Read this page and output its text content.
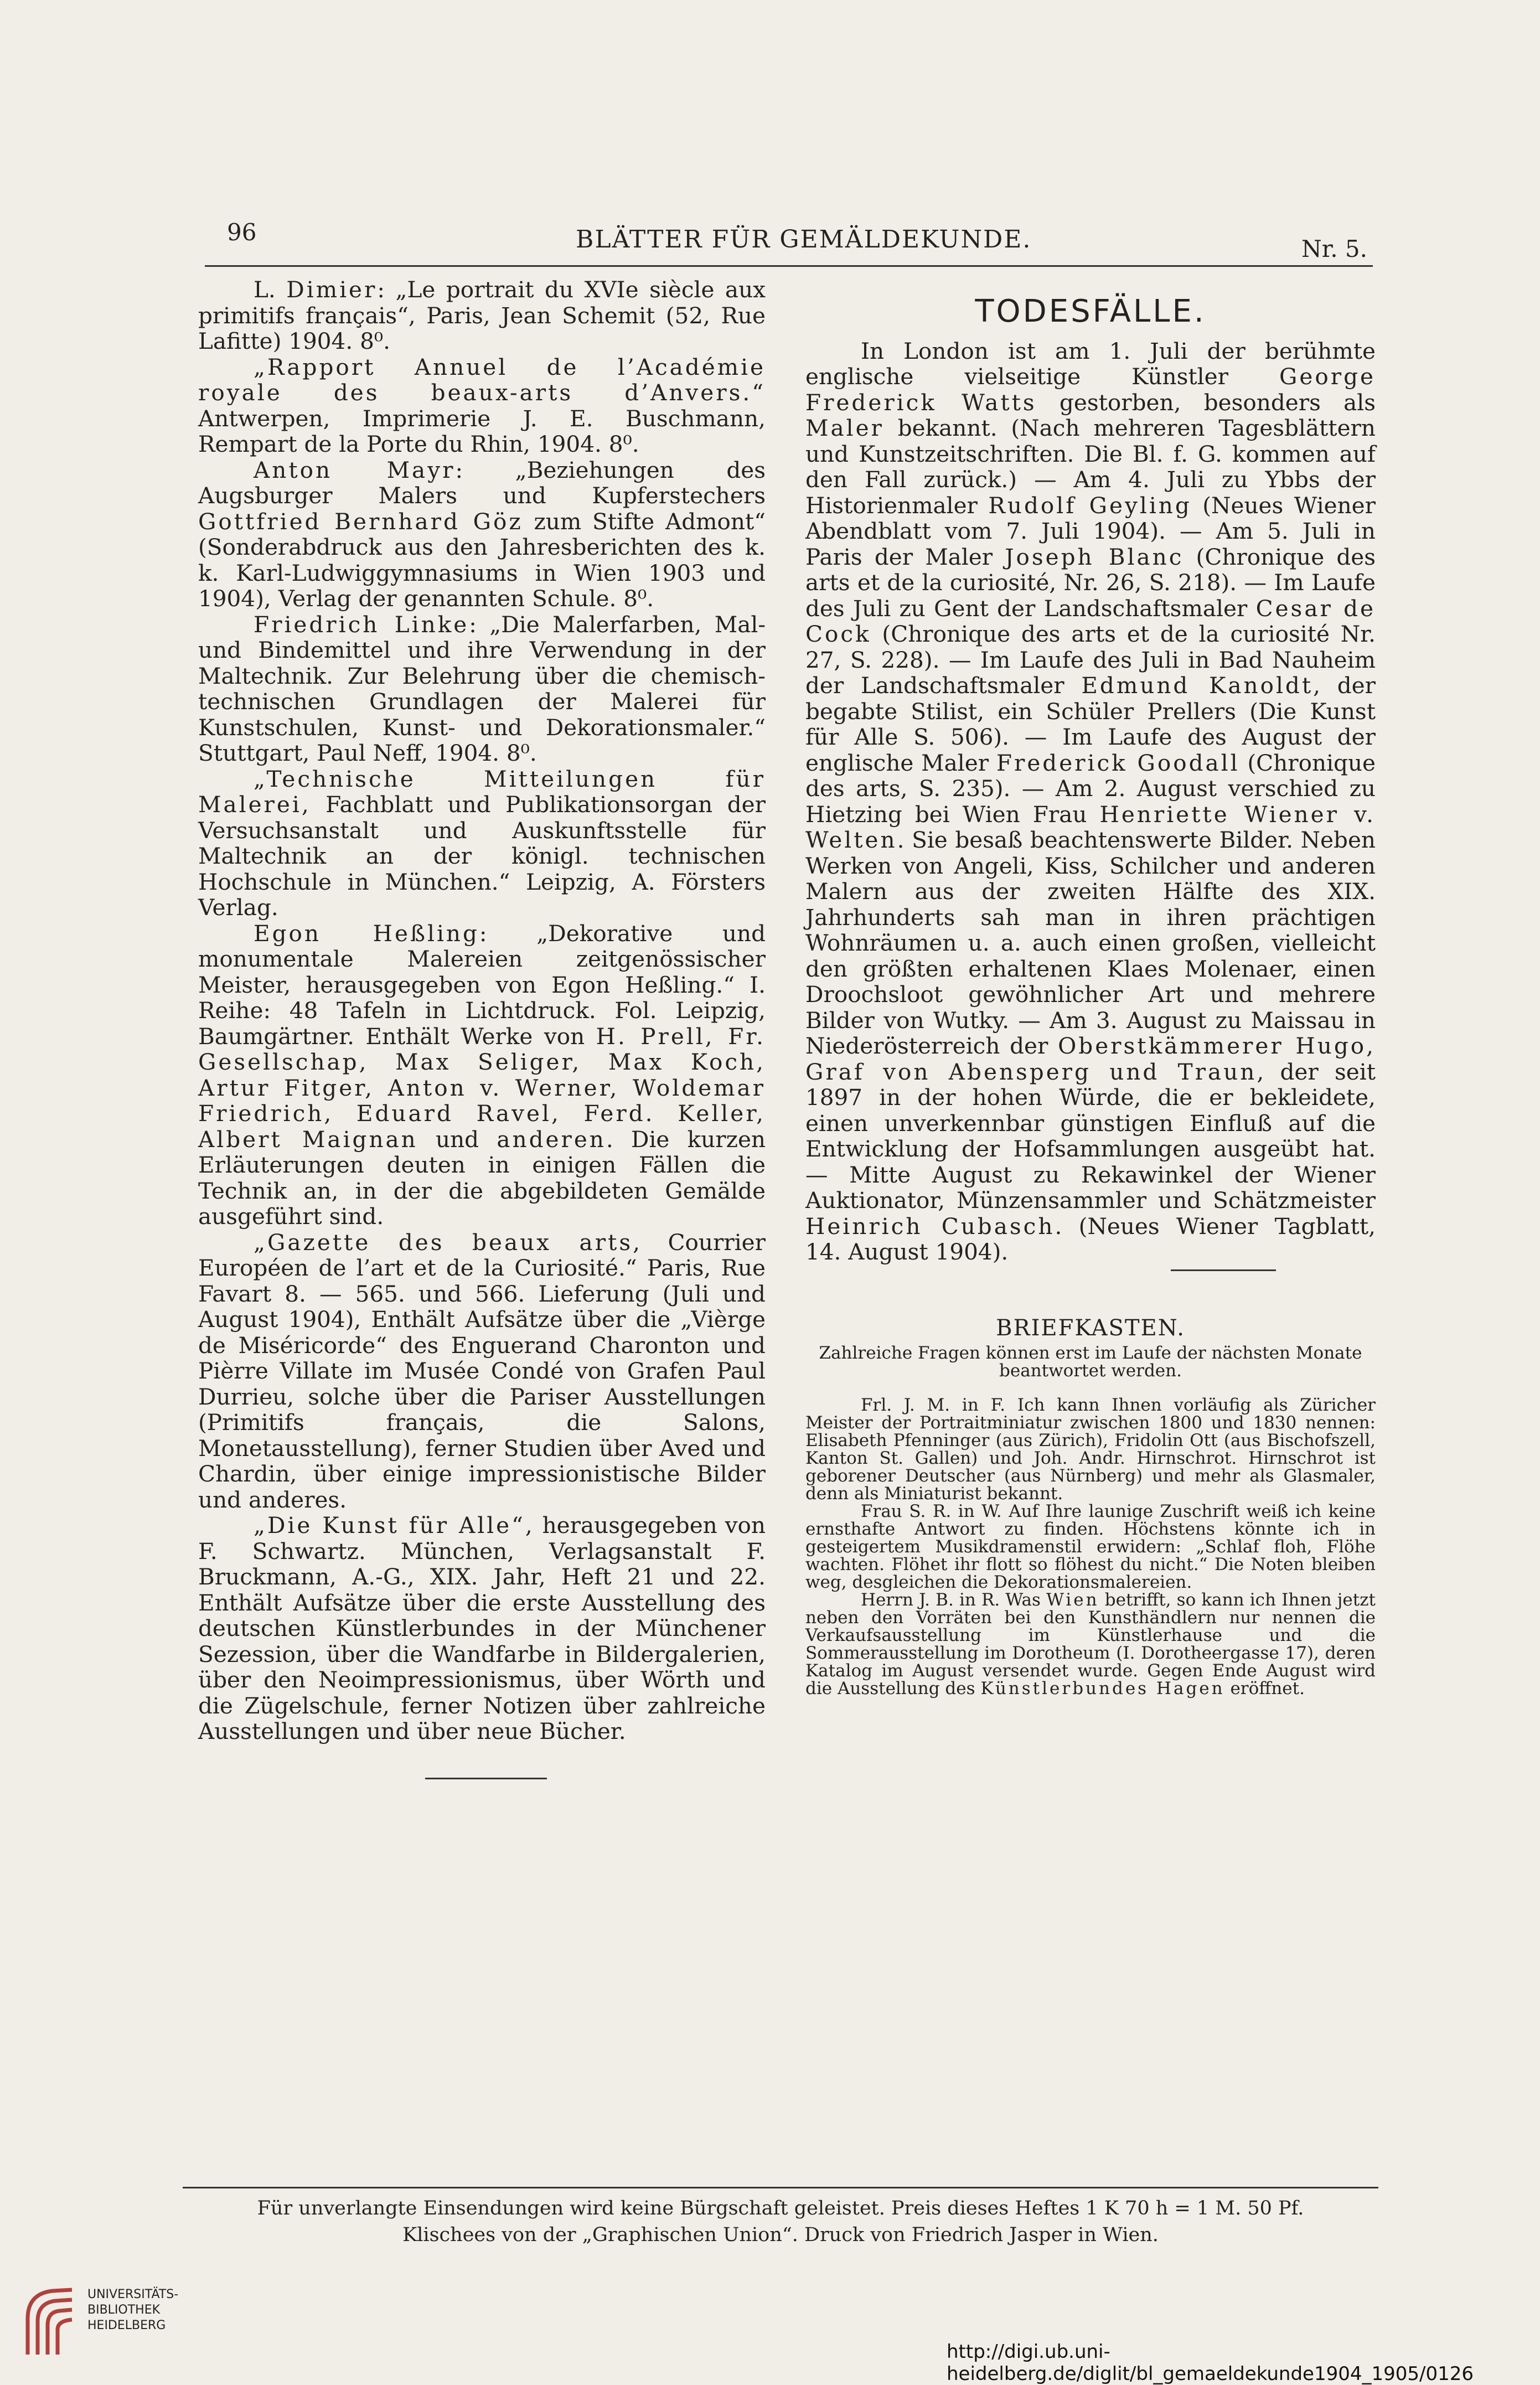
96	BLÄTTER FÜR GEMÄLDEKUNDE.	Nr. 5.

L. Dimier: „Le portrait du XVIe siècle aux primitifs français“, Paris, Jean Schemit (52, Rue Lafitte) 1904. 8⁰.

„Rapport Annuel de l’Académie royale des beaux-arts d’Anvers.“ Antwerpen, Imprimerie J. E. Buschmann, Rempart de la Porte du Rhin, 1904. 8⁰.

Anton Mayr: „Beziehungen des Augsburger Malers und Kupferstechers Gottfried Bernhard Göz zum Stifte Admont“ (Sonderabdruck aus den Jahresberichten des k. k. Karl-Ludwiggymnasiums in Wien 1903 und 1904), Verlag der genannten Schule. 8⁰.

Friedrich Linke: „Die Malerfarben, Mal- und Bindemittel und ihre Verwendung in der Maltechnik. Zur Belehrung über die chemisch-technischen Grundlagen der Malerei für Kunstschulen, Kunst- und Dekorationsmaler.“ Stuttgart, Paul Neff, 1904. 8⁰.

„Technische Mitteilungen für Malerei, Fachblatt und Publikationsorgan der Versuchsanstalt und Auskunftsstelle für Maltechnik an der königl. technischen Hochschule in München.“ Leipzig, A. Försters Verlag.

Egon Heßling: „Dekorative und monumentale Malereien zeitgenössischer Meister, herausgegeben von Egon Heßling.“ I. Reihe: 48 Tafeln in Lichtdruck. Fol. Leipzig, Baumgärtner. Enthält Werke von H. Prell, Fr. Gesellschap, Max Seliger, Max Koch, Artur Fitger, Anton v. Werner, Woldemar Friedrich, Eduard Ravel, Ferd. Keller, Albert Maignan und anderen. Die kurzen Erläuterungen deuten in einigen Fällen die Technik an, in der die abgebildeten Gemälde ausgeführt sind.

„Gazette des beaux arts, Courrier Européen de l’art et de la Curiosité.“ Paris, Rue Favart 8. — 565. und 566. Lieferung (Juli und August 1904), Enthält Aufsätze über die „Vièrge de Miséricorde“ des Enguerand Charonton und Pièrre Villate im Musée Condé von Grafen Paul Durrieu, solche über die Pariser Ausstellungen (Primitifs français, die Salons, Monetausstellung), ferner Studien über Aved und Chardin, über einige impressionistische Bilder und anderes.

„Die Kunst für Alle“, herausgegeben von F. Schwartz. München, Verlagsanstalt F. Bruckmann, A.-G., XIX. Jahr, Heft 21 und 22. Enthält Aufsätze über die erste Ausstellung des deutschen Künstlerbundes in der Münchener Sezession, über die Wandfarbe in Bildergalerien, über den Neoimpressionismus, über Wörth und die Zügelschule, ferner Notizen über zahlreiche Ausstellungen und über neue Bücher.

TODESFÄLLE.

In London ist am 1. Juli der berühmte englische vielseitige Künstler George Frederick Watts gestorben, besonders als Maler bekannt. (Nach mehreren Tagesblättern und Kunstzeitschriften. Die Bl. f. G. kommen auf den Fall zurück.) — Am 4. Juli zu Ybbs der Historienmaler Rudolf Geyling (Neues Wiener Abendblatt vom 7. Juli 1904). — Am 5. Juli in Paris der Maler Joseph Blanc (Chronique des arts et de la curiosité, Nr. 26, S. 218). — Im Laufe des Juli zu Gent der Landschaftsmaler Cesar de Cock (Chronique des arts et de la curiosité Nr. 27, S. 228). — Im Laufe des Juli in Bad Nauheim der Landschaftsmaler Edmund Kanoldt, der begabte Stilist, ein Schüler Prellers (Die Kunst für Alle S. 506). — Im Laufe des August der englische Maler Frederick Goodall (Chronique des arts, S. 235). — Am 2. August verschied zu Hietzing bei Wien Frau Henriette Wiener v. Welten. Sie besaß beachtenswerte Bilder. Neben Werken von Angeli, Kiss, Schilcher und anderen Malern aus der zweiten Hälfte des XIX. Jahrhunderts sah man in ihren prächtigen Wohnräumen u. a. auch einen großen, vielleicht den größten erhaltenen Klaes Molenaer, einen Droochsloot gewöhnlicher Art und mehrere Bilder von Wutky. — Am 3. August zu Maissau in Niederösterreich der Oberstkämmerer Hugo, Graf von Abensperg und Traun, der seit 1897 in der hohen Würde, die er bekleidete, einen unverkennbar günstigen Einfluß auf die Entwicklung der Hofsammlungen ausgeübt hat. — Mitte August zu Rekawinkel der Wiener Auktionator, Münzensammler und Schätzmeister Heinrich Cubasch. (Neues Wiener Tagblatt, 14. August 1904).

BRIEFKASTEN.

Zahlreiche Fragen können erst im Laufe der nächsten Monate beantwortet werden.

Frl. J. M. in F. Ich kann Ihnen vorläufig als Züricher Meister der Portraitminiatur zwischen 1800 und 1830 nennen: Elisabeth Pfenninger (aus Zürich), Fridolin Ott (aus Bischofszell, Kanton St. Gallen) und Joh. Andr. Hirnschrot. Hirnschrot ist geborener Deutscher (aus Nürnberg) und mehr als Glasmaler, denn als Miniaturist bekannt.

Frau S. R. in W. Auf Ihre launige Zuschrift weiß ich keine ernsthafte Antwort zu finden. Höchstens könnte ich in gesteigertem Musikdramenstil erwidern: „Schlaf floh, Flöhe wachten. Flöhet ihr flott so flöhest du nicht.“ Die Noten bleiben weg, desgleichen die Dekorationsmalereien.

Herrn J. B. in R. Was Wien betrifft, so kann ich Ihnen jetzt neben den Vorräten bei den Kunsthändlern nur nennen die Verkaufsausstellung im Künstlerhause und die Sommerausstellung im Dorotheum (I. Dorotheergasse 17), deren Katalog im August versendet wurde. Gegen Ende August wird die Ausstellung des Künstlerbundes Hagen eröffnet.

Für unverlangte Einsendungen wird keine Bürgschaft geleistet. Preis dieses Heftes 1 K 70 h = 1 M. 50 Pf.
Klischees von der „Graphischen Union“. Druck von Friedrich Jasper in Wien.
UNIVERSITÄTS-
BIBLIOTHEK
HEIDELBERG
http://digi.ub.uni-heidelberg.de/diglit/bl_gemaeldekunde1904_1905/0126
